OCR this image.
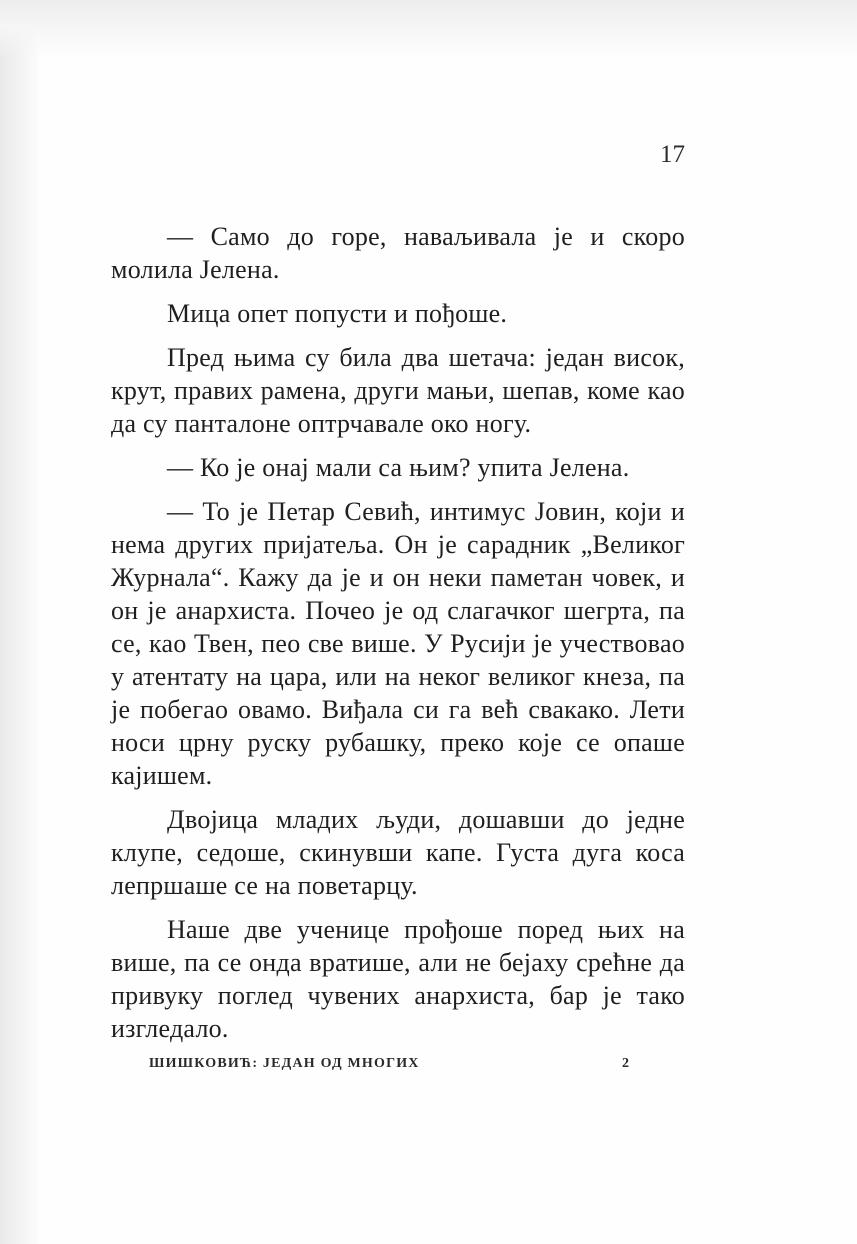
17

— Само до горе, наваљивала је и скоро молила Јелена.

Мица опет попусти и пођоше.

Пред њима су била два шетача: један висок, крут, правих рамена, други мањи, шепав, коме као да су панталоне оптрчавале око ногу.

— Ко је онај мали са њим? упита Јелена.

— То је Петар Севић, интимус Јовин, који и нема других пријатеља. Он је сарадник „Великог Журнала“. Кажу да је и он неки паметан човек, и он је анархиста. Почео је од слагачког шегрта, па се, као Твен, пео све више. У Русији је учествовао у атентату на цара, или на неког великог кнеза, па је побегао овамо. Виђала си га већ свакако. Лети носи црну руску рубашку, преко које се опаше кајишем.

Двојица младих људи, дошавши до једне клупе, седоше, скинувши капе. Густа дуга коса лепршаше се на поветарцу.

Наше две ученице прођоше поред њих на више, па се онда вратише, али не бејаху срећне да привуку поглед чувених анархиста, бар је тако изгледало.

ШИШКОВИЋ: ЈЕДАН ОД МНОГИХ	2
